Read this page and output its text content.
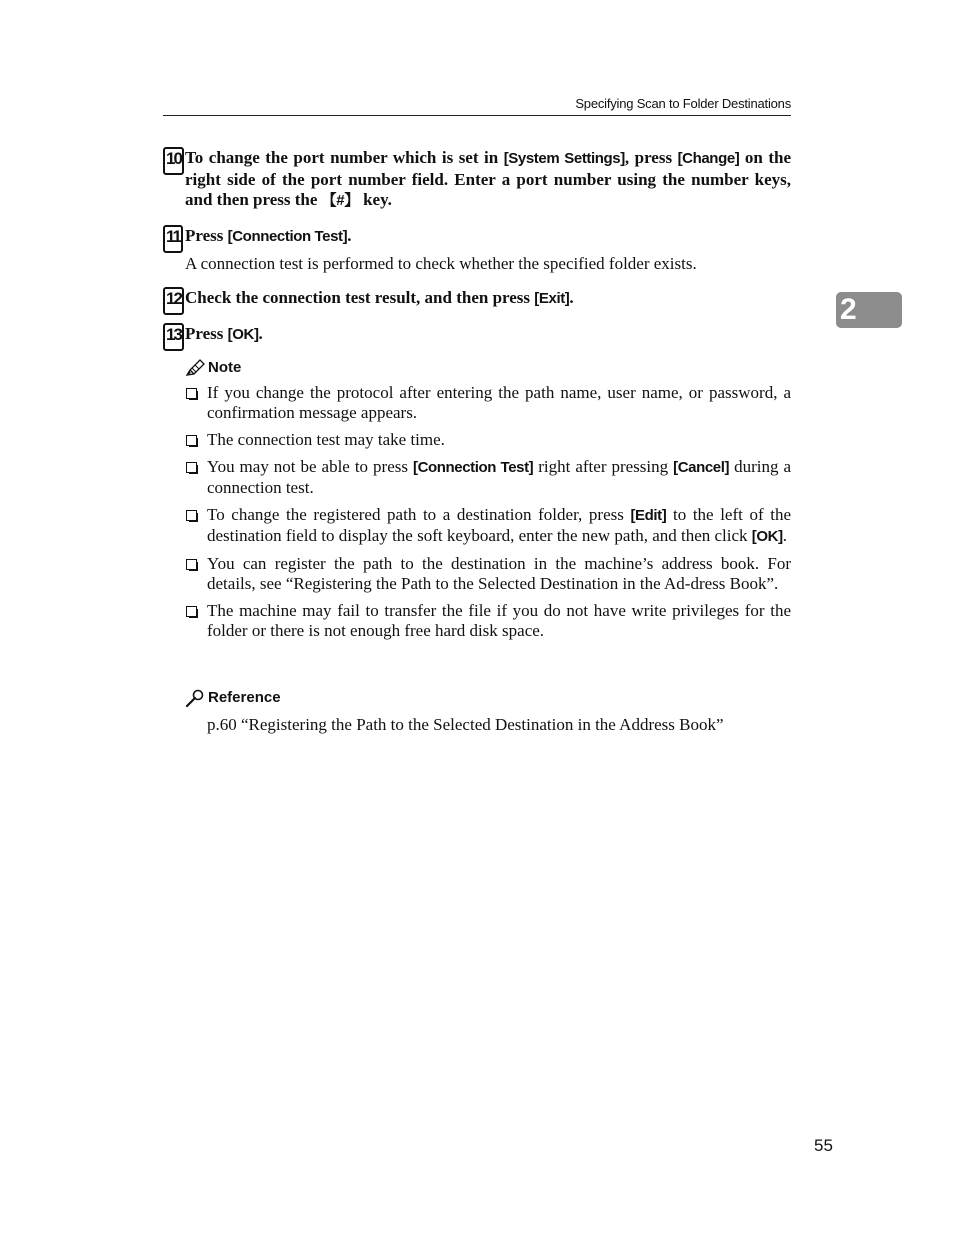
Specifying Scan to Folder Destinations
2
10 To change the port number which is set in [System Settings], press [Change] on the right side of the port number field. Enter a port number using the number keys, and then press the 【#】 key.
11 Press [Connection Test].
A connection test is performed to check whether the specified folder exists.
12 Check the connection test result, and then press [Exit].
13 Press [OK].
Note
If you change the protocol after entering the path name, user name, or password, a confirmation message appears.
The connection test may take time.
You may not be able to press [Connection Test] right after pressing [Cancel] during a connection test.
To change the registered path to a destination folder, press [Edit] to the left of the destination field to display the soft keyboard, enter the new path, and then click [OK].
You can register the path to the destination in the machine’s address book. For details, see “Registering the Path to the Selected Destination in the Ad-dress Book”.
The machine may fail to transfer the file if you do not have write privileges for the folder or there is not enough free hard disk space.
Reference
p.60 “Registering the Path to the Selected Destination in the Address Book”
55
